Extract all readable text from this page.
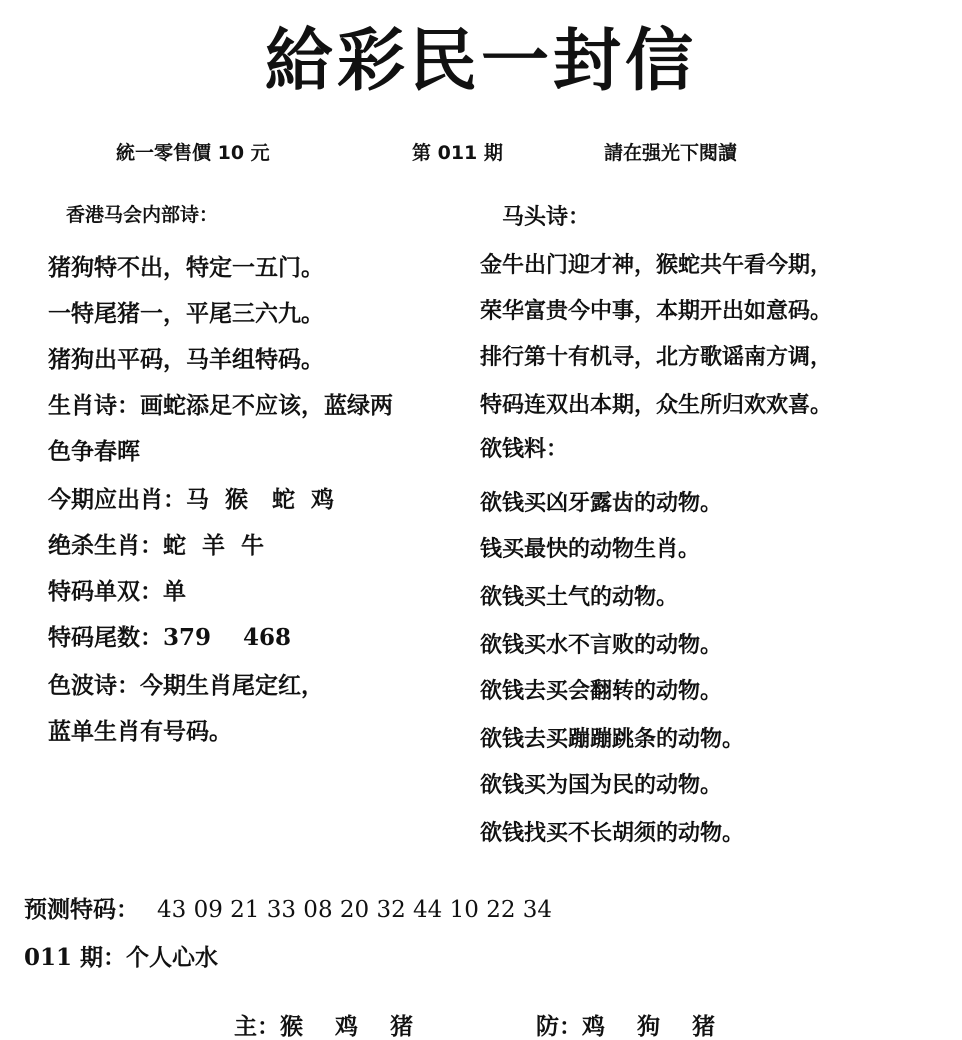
給彩民一封信
統一零售價 10 元	第 011 期	請在强光下閱讀
香港马会内部诗：
猪狗特不出，特定一五门。
一特尾猪一，平尾三六九。
猪狗出平码，马羊组特码。
生肖诗：画蛇添足不应该，蓝绿两
色争春晖
今期应出肖：马  猴   蛇  鸡
绝杀生肖：蛇  羊  牛
特码单双：单
特码尾数：379    468
色波诗：今期生肖尾定红，
蓝单生肖有号码。
马头诗：
金牛出门迎才神，猴蛇共午看今期，
荣华富贵今中事，本期开出如意码。
排行第十有机寻，北方歌谣南方调，
特码连双出本期，众生所归欢欢喜。
欲钱料：
欲钱买凶牙露齿的动物。
钱买最快的动物生肖。
欲钱买土气的动物。
欲钱买水不言败的动物。
欲钱去买会翻转的动物。
欲钱去买蹦蹦跳条的动物。
欲钱买为国为民的动物。
欲钱找买不长胡须的动物。
预测特码： 43 09 21 33 08 20 32 44 10 22 34
011 期：个人心水

主：猴    鸡    猪	防：鸡    狗    猪
